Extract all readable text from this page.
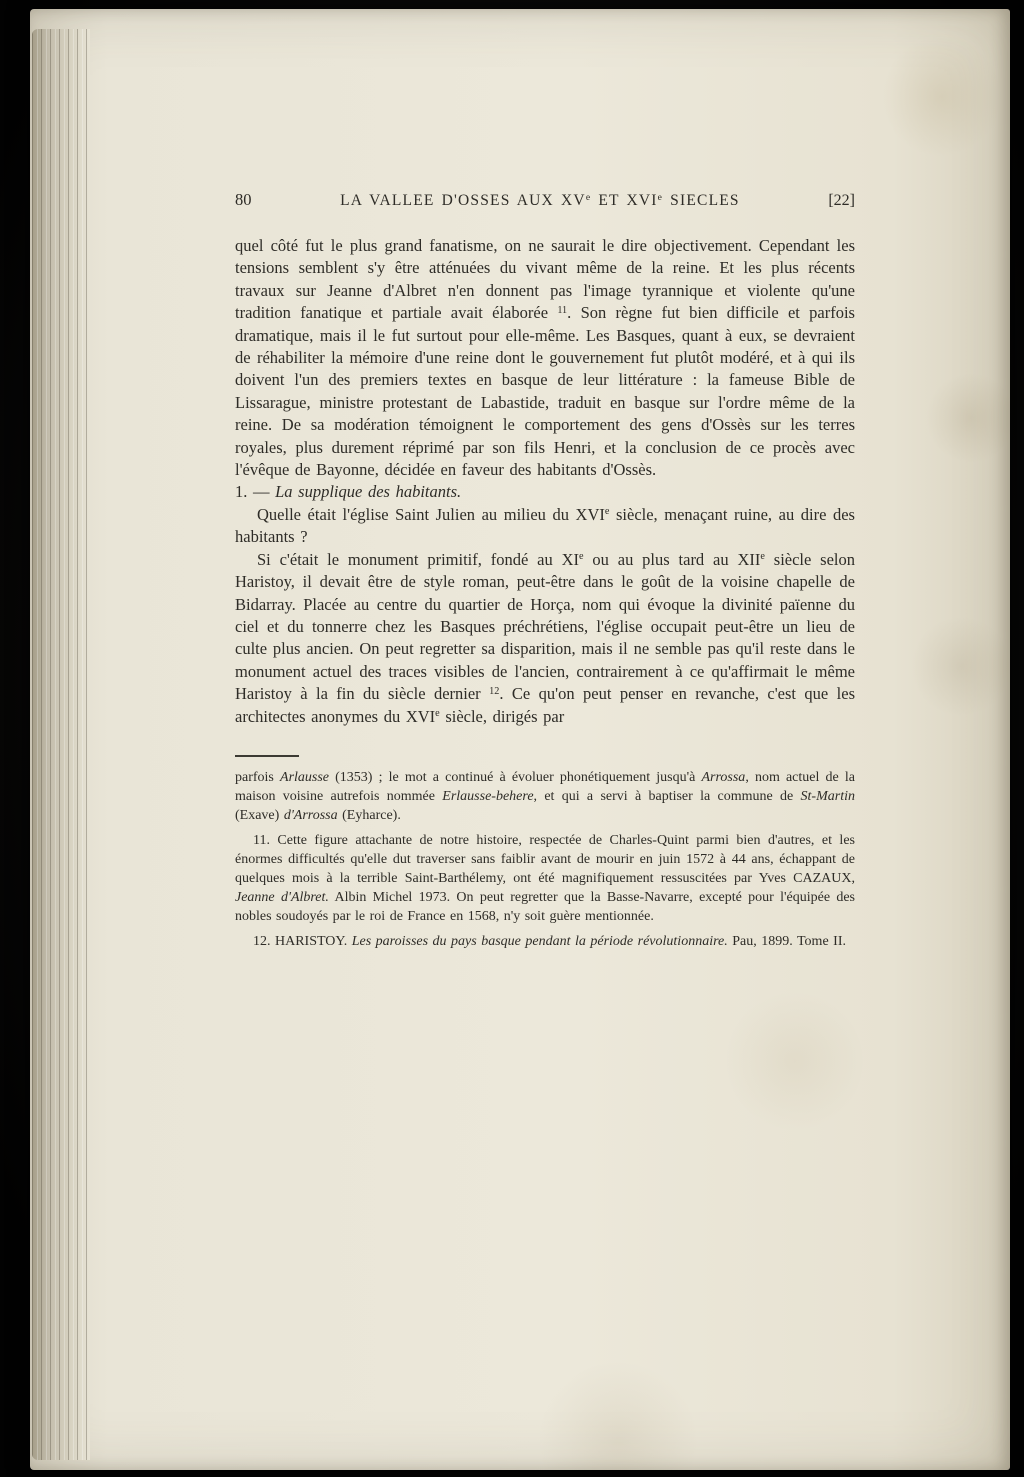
80	LA VALLEE D'OSSES AUX XVe ET XVIe SIECLES	[22]

quel côté fut le plus grand fanatisme, on ne saurait le dire objectivement. Cependant les tensions semblent s'y être atténuées du vivant même de la reine. Et les plus récents travaux sur Jeanne d'Albret n'en donnent pas l'image tyrannique et violente qu'une tradition fanatique et partiale avait élaborée $^{11}$. Son règne fut bien difficile et parfois dramatique, mais il le fut surtout pour elle-même. Les Basques, quant à eux, se devraient de réhabiliter la mémoire d'une reine dont le gouvernement fut plutôt modéré, et à qui ils doivent l'un des premiers textes en basque de leur littérature : la fameuse Bible de Lissarague, ministre protestant de Labastide, traduit en basque sur l'ordre même de la reine. De sa modération témoignent le comportement des gens d'Ossès sur les terres royales, plus durement réprimé par son fils Henri, et la conclusion de ce procès avec l'évêque de Bayonne, décidée en faveur des habitants d'Ossès.

1. — La supplique des habitants.

Quelle était l'église Saint Julien au milieu du XVIe siècle, menaçant ruine, au dire des habitants ?

Si c'était le monument primitif, fondé au XIe ou au plus tard au XIIe siècle selon Haristoy, il devait être de style roman, peut-être dans le goût de la voisine chapelle de Bidarray. Placée au centre du quartier de Horça, nom qui évoque la divinité païenne du ciel et du tonnerre chez les Basques préchrétiens, l'église occupait peut-être un lieu de culte plus ancien. On peut regretter sa disparition, mais il ne semble pas qu'il reste dans le monument actuel des traces visibles de l'ancien, contrairement à ce qu'affirmait le même Haristoy à la fin du siècle dernier $^{12}$. Ce qu'on peut penser en revanche, c'est que les architectes anonymes du XVIe siècle, dirigés par

parfois Arlausse (1353) ; le mot a continué à évoluer phonétiquement jusqu'à Arrossa, nom actuel de la maison voisine autrefois nommée Erlausse-behere, et qui a servi à baptiser la commune de St-Martin (Exave) d'Arrossa (Eyharce).

11. Cette figure attachante de notre histoire, respectée de Charles-Quint parmi bien d'autres, et les énormes difficultés qu'elle dut traverser sans faiblir avant de mourir en juin 1572 à 44 ans, échappant de quelques mois à la terrible Saint-Barthélemy, ont été magnifiquement ressuscitées par Yves CAZAUX, Jeanne d'Albret. Albin Michel 1973. On peut regretter que la Basse-Navarre, excepté pour l'équipée des nobles soudoyés par le roi de France en 1568, n'y soit guère mentionnée.

12. HARISTOY. Les paroisses du pays basque pendant la période révolutionnaire. Pau, 1899. Tome II.
